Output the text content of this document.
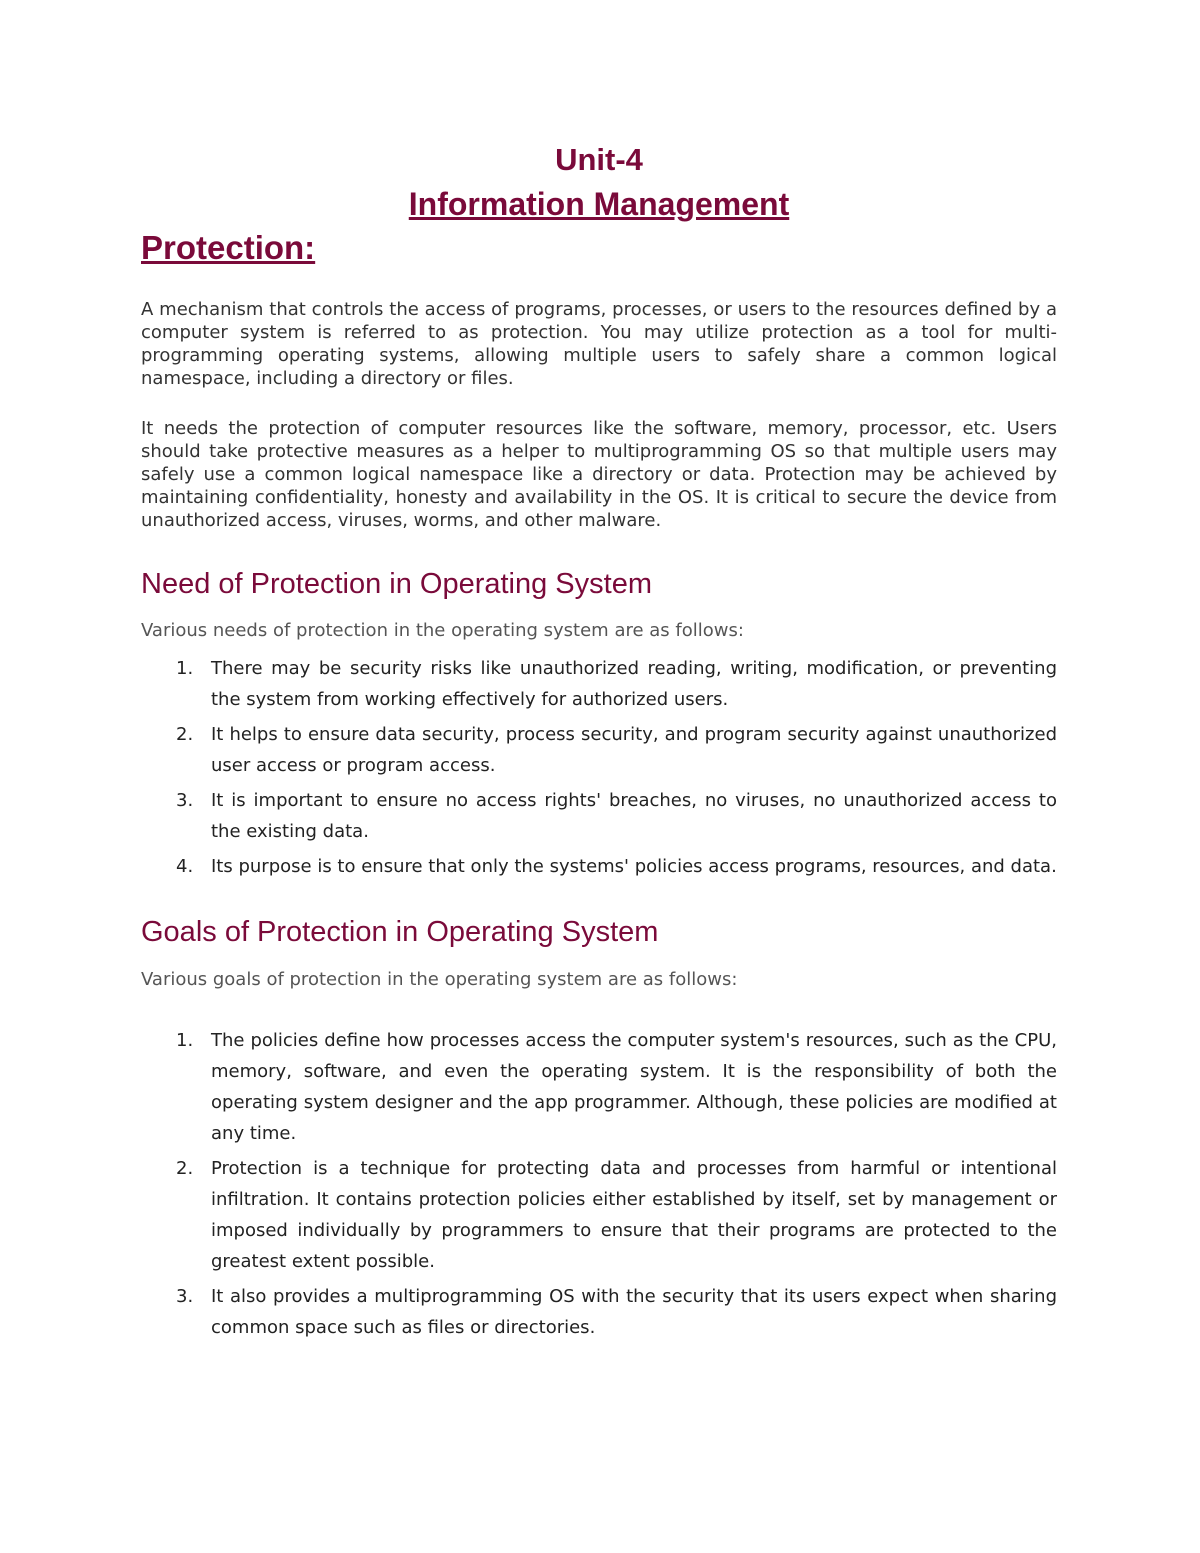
Unit-4
Information Management
Protection:

A mechanism that controls the access of programs, processes, or users to the resources defined by a computer system is referred to as protection. You may utilize protection as a tool for multi-programming operating systems, allowing multiple users to safely share a common logical namespace, including a directory or files.

It needs the protection of computer resources like the software, memory, processor, etc. Users should take protective measures as a helper to multiprogramming OS so that multiple users may safely use a common logical namespace like a directory or data. Protection may be achieved by maintaining confidentiality, honesty and availability in the OS. It is critical to secure the device from unauthorized access, viruses, worms, and other malware.

Need of Protection in Operating System

Various needs of protection in the operating system are as follows:

1. There may be security risks like unauthorized reading, writing, modification, or preventing the system from working effectively for authorized users.
2. It helps to ensure data security, process security, and program security against unauthorized user access or program access.
3. It is important to ensure no access rights' breaches, no viruses, no unauthorized access to the existing data.
4. Its purpose is to ensure that only the systems' policies access programs, resources, and data.
Goals of Protection in Operating System

Various goals of protection in the operating system are as follows:

1. The policies define how processes access the computer system's resources, such as the CPU, memory, software, and even the operating system. It is the responsibility of both the operating system designer and the app programmer. Although, these policies are modified at any time.
2. Protection is a technique for protecting data and processes from harmful or intentional infiltration. It contains protection policies either established by itself, set by management or imposed individually by programmers to ensure that their programs are protected to the greatest extent possible.
3. It also provides a multiprogramming OS with the security that its users expect when sharing common space such as files or directories.
